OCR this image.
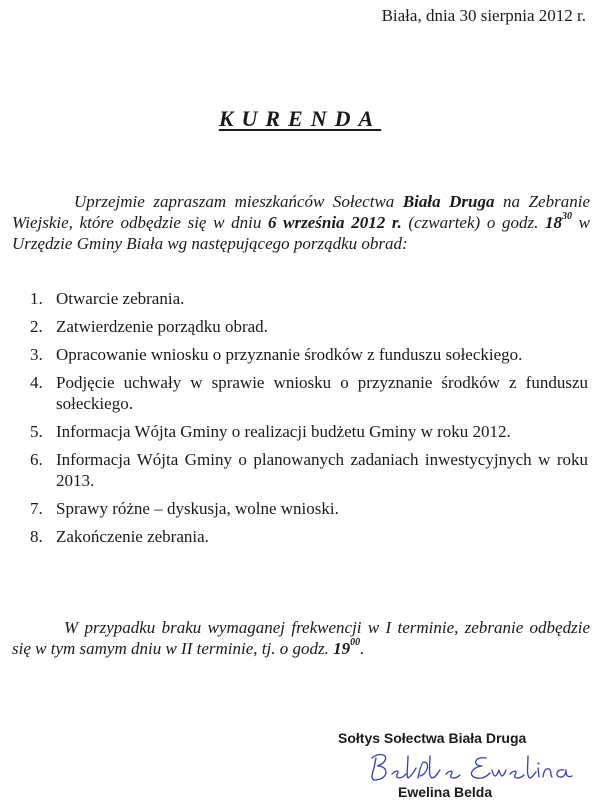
Biała, dnia 30 sierpnia 2012 r.
KURENDA

Uprzejmie zapraszam mieszkańców Sołectwa Biała Druga na Zebranie Wiejskie, które odbędzie się w dniu 6 września 2012 r. (czwartek) o godz. $18^{30}$ w Urzędzie Gminy Biała wg następującego porządku obrad:

1. Otwarcie zebrania.
2. Zatwierdzenie porządku obrad.
3. Opracowanie wniosku o przyznanie środków z funduszu sołeckiego.
4. Podjęcie uchwały w sprawie wniosku o przyznanie środków z funduszu sołeckiego.
5. Informacja Wójta Gminy o realizacji budżetu Gminy w roku 2012.
6. Informacja Wójta Gminy o planowanych zadaniach inwestycyjnych w roku 2013.
7. Sprawy różne – dyskusja, wolne wnioski.
8. Zakończenie zebrania.

W przypadku braku wymaganej frekwencji w I terminie, zebranie odbędzie się w tym samym dniu w II terminie, tj. o godz. $19^{00}$.

Sołtys Sołectwa Biała Druga
Ewelina Belda
